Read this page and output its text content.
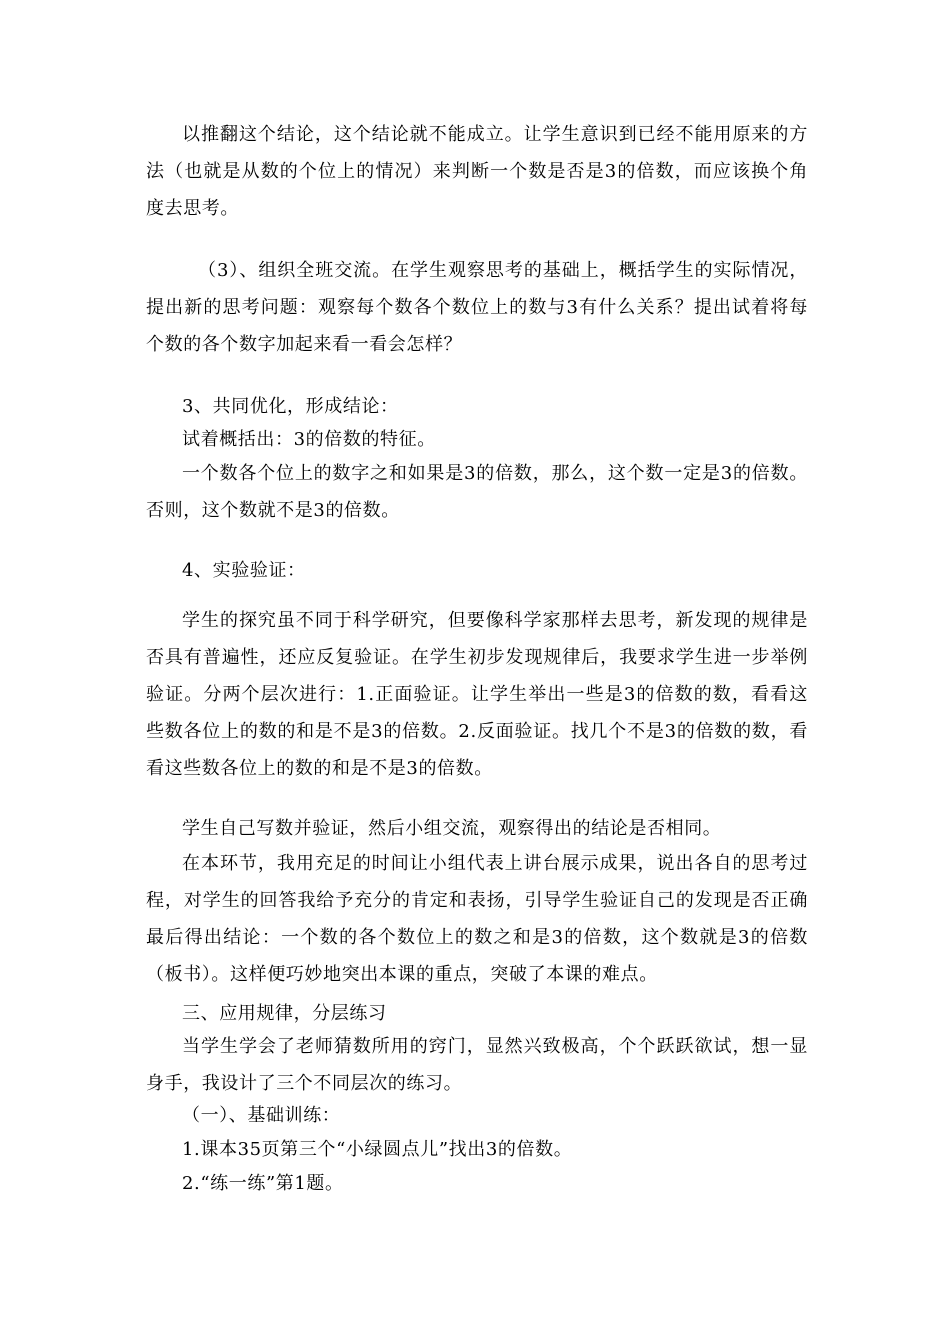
以推翻这个结论，这个结论就不能成立。让学生意识到已经不能用原来的方法（也就是从数的个位上的情况）来判断一个数是否是3的倍数，而应该换个角度去思考。

（3）、组织全班交流。在学生观察思考的基础上，概括学生的实际情况，提出新的思考问题：观察每个数各个数位上的数与3有什么关系？提出试着将每个数的各个数字加起来看一看会怎样？

3、共同优化，形成结论：

试着概括出：3的倍数的特征。

一个数各个位上的数字之和如果是3的倍数，那么，这个数一定是3的倍数。否则，这个数就不是3的倍数。

4、实验验证：

学生的探究虽不同于科学研究，但要像科学家那样去思考，新发现的规律是否具有普遍性，还应反复验证。在学生初步发现规律后，我要求学生进一步举例验证。分两个层次进行：1.正面验证。让学生举出一些是3的倍数的数，看看这些数各位上的数的和是不是3的倍数。2.反面验证。找几个不是3的倍数的数，看看这些数各位上的数的和是不是3的倍数。

学生自己写数并验证，然后小组交流，观察得出的结论是否相同。

在本环节，我用充足的时间让小组代表上讲台展示成果，说出各自的思考过程，对学生的回答我给予充分的肯定和表扬，引导学生验证自己的发现是否正确最后得出结论：一个数的各个数位上的数之和是3的倍数，这个数就是3的倍数（板书）。这样便巧妙地突出本课的重点，突破了本课的难点。

三、应用规律，分层练习

当学生学会了老师猜数所用的窍门，显然兴致极高，个个跃跃欲试，想一显身手，我设计了三个不同层次的练习。

（一）、基础训练：

1.课本35页第三个“小绿圆点儿”找出3的倍数。

2.“练一练”第1题。
